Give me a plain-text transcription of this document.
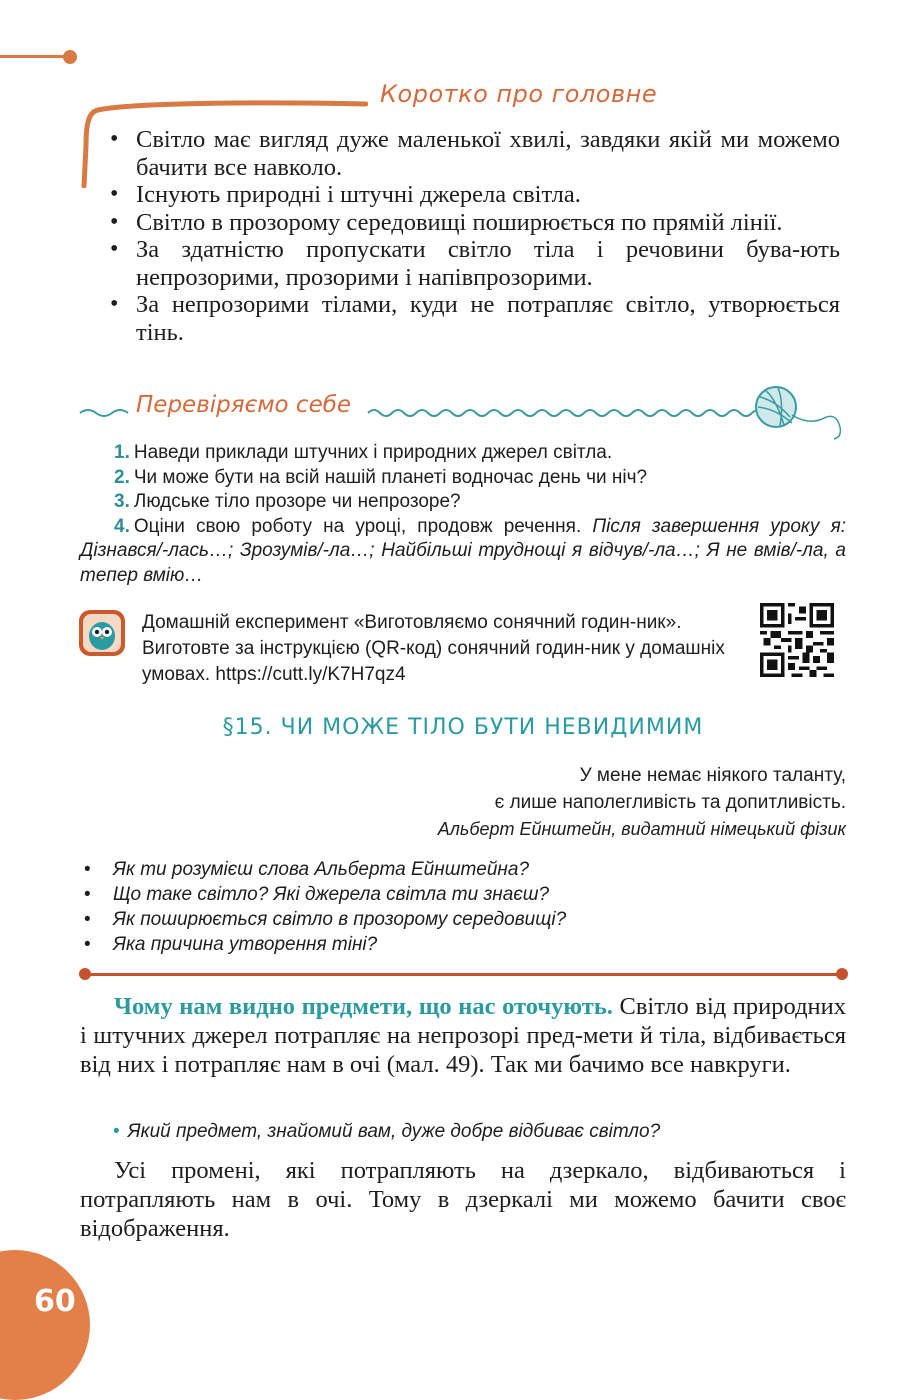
Коротко про головне
• Світло має вигляд дуже маленької хвилі, завдяки якій ми можемо бачити все навколо.
• Існують природні і штучні джерела світла.
• Світло в прозорому середовищі поширюється по прямій лінії.
• За здатністю пропускати світло тіла і речовини бува-ють непрозорими, прозорими і напівпрозорими.
• За непрозорими тілами, куди не потрапляє світло, утворюється тінь.
Перевіряємо себе
1. Наведи приклади штучних і природних джерел світла.
2. Чи може бути на всій нашій планеті водночас день чи ніч?
3. Людське тіло прозоре чи непрозоре?
4. Оціни свою роботу на уроці, продовж речення. Після завершення уроку я: Дізнався/-лась…; Зрозумів/-ла…; Найбільші труднощі я відчув/-ла…; Я не вмів/-ла, а тепер вмію…
Домашній експеримент «Виготовляємо сонячний годин-ник». Виготовте за інструкцією (QR-код) сонячний годин-ник у домашніх умовах. https://cutt.ly/K7H7qz4
§15. ЧИ МОЖЕ ТІЛО БУТИ НЕВИДИМИМ
У мене немає ніякого таланту,
є лише наполегливість та допитливість.
Альберт Ейнштейн, видатний німецький фізик
• Як ти розумієш слова Альберта Ейнштейна?
• Що таке світло? Які джерела світла ти знаєш?
• Як поширюється світло в прозорому середовищі?
• Яка причина утворення тіні?
Чому нам видно предмети, що нас оточують. Світло від природних і штучних джерел потрапляє на непрозорі пред-мети й тіла, відбивається від них і потрапляє нам в очі (мал. 49). Так ми бачимо все навкруги.
• Який предмет, знайомий вам, дуже добре відбиває світло?
Усі промені, які потрапляють на дзеркало, відбиваються і потрапляють нам в очі. Тому в дзеркалі ми можемо бачити своє відображення.
60
